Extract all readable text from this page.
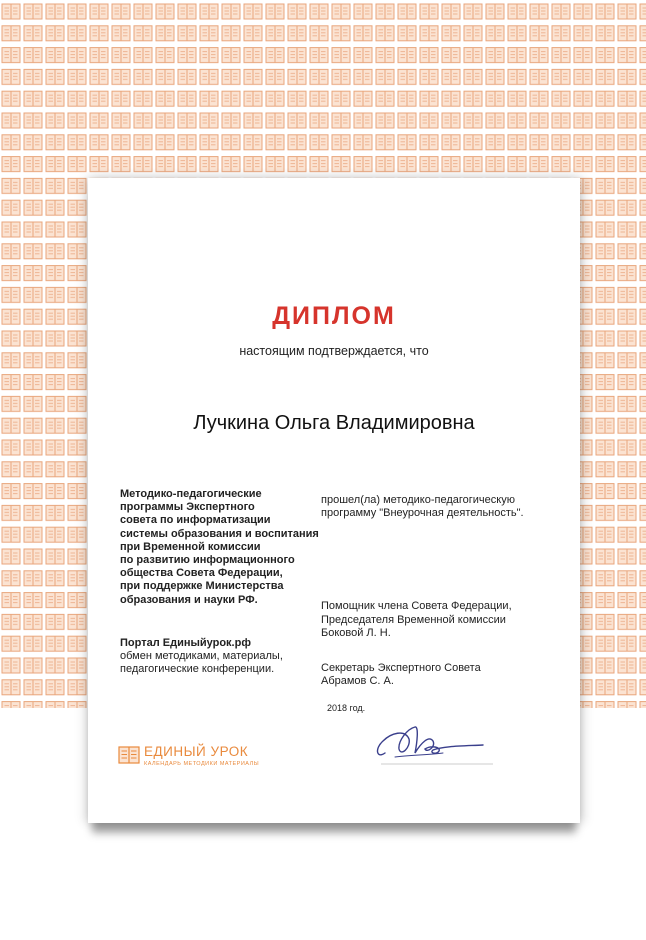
ДИПЛОМ
настоящим подтверждается, что
Лучкина Ольга Владимировна
Методико-педагогические
программы Экспертного
совета по информатизации
системы образования и воспитания
при Временной комиссии
по развитию информационного
общества Совета Федерации,
при поддержке Министерства
образования и науки РФ.
Портал Единыйурок.рф
обмен методиками, материалы,
педагогические конференции.
прошел(ла) методико-педагогическую
программу "Внеурочная деятельность".
Помощник члена Совета Федерации,
Председателя Временной комиссии
Боковой Л. Н.
Секретарь Экспертного Совета
Абрамов С. А.
2018 год.
ЕДИНЫЙ УРОК
КАЛЕНДАРЬ МЕТОДИКИ МАТЕРИАЛЫ
